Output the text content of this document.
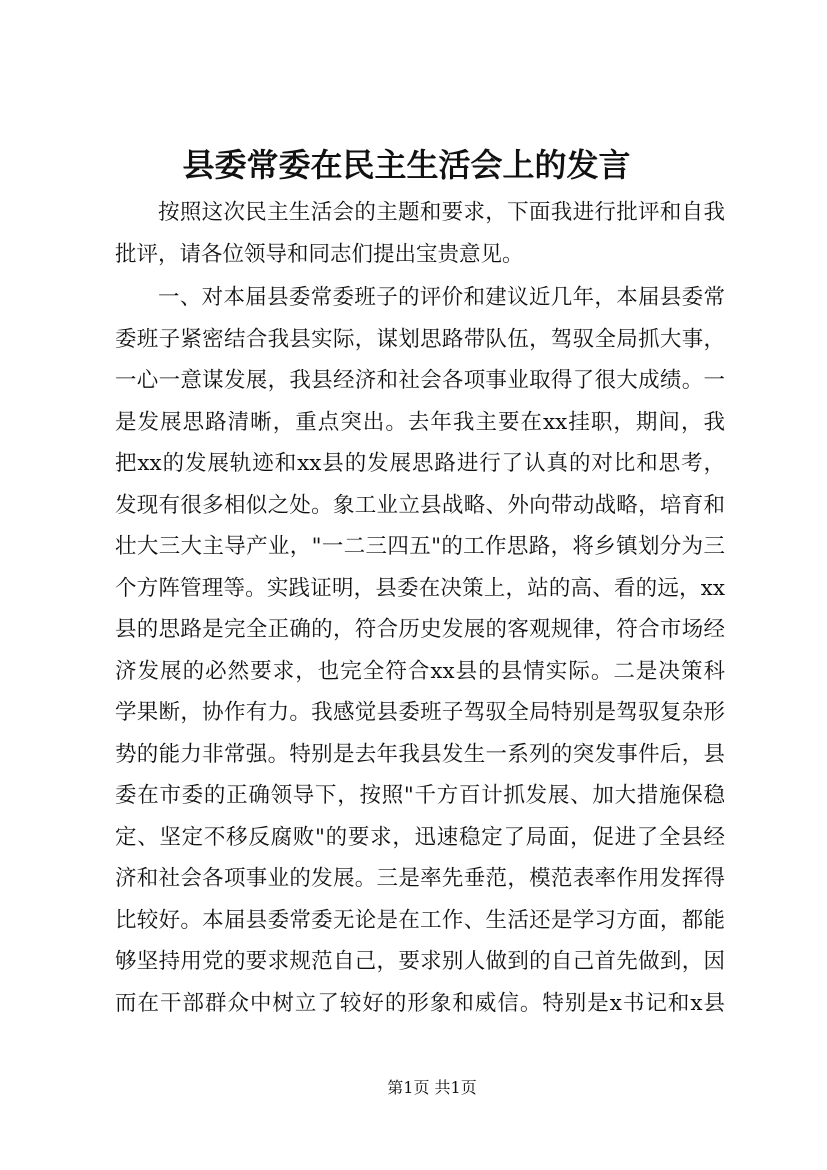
县委常委在民主生活会上的发言
按照这次民主生活会的主题和要求，下面我进行批评和自我
批评，请各位领导和同志们提出宝贵意见。
一、对本届县委常委班子的评价和建议近几年，本届县委常
委班子紧密结合我县实际，谋划思路带队伍，驾驭全局抓大事，
一心一意谋发展，我县经济和社会各项事业取得了很大成绩。一
是发展思路清晰，重点突出。去年我主要在xx挂职，期间，我
把xx的发展轨迹和xx县的发展思路进行了认真的对比和思考，
发现有很多相似之处。象工业立县战略、外向带动战略，培育和
壮大三大主导产业，"一二三四五"的工作思路，将乡镇划分为三
个方阵管理等。实践证明，县委在决策上，站的高、看的远，xx
县的思路是完全正确的，符合历史发展的客观规律，符合市场经
济发展的必然要求，也完全符合xx县的县情实际。二是决策科
学果断，协作有力。我感觉县委班子驾驭全局特别是驾驭复杂形
势的能力非常强。特别是去年我县发生一系列的突发事件后，县
委在市委的正确领导下，按照"千方百计抓发展、加大措施保稳
定、坚定不移反腐败"的要求，迅速稳定了局面，促进了全县经
济和社会各项事业的发展。三是率先垂范，模范表率作用发挥得
比较好。本届县委常委无论是在工作、生活还是学习方面，都能
够坚持用党的要求规范自己，要求别人做到的自己首先做到，因
而在干部群众中树立了较好的形象和威信。特别是x书记和x县
第1页 共1页
